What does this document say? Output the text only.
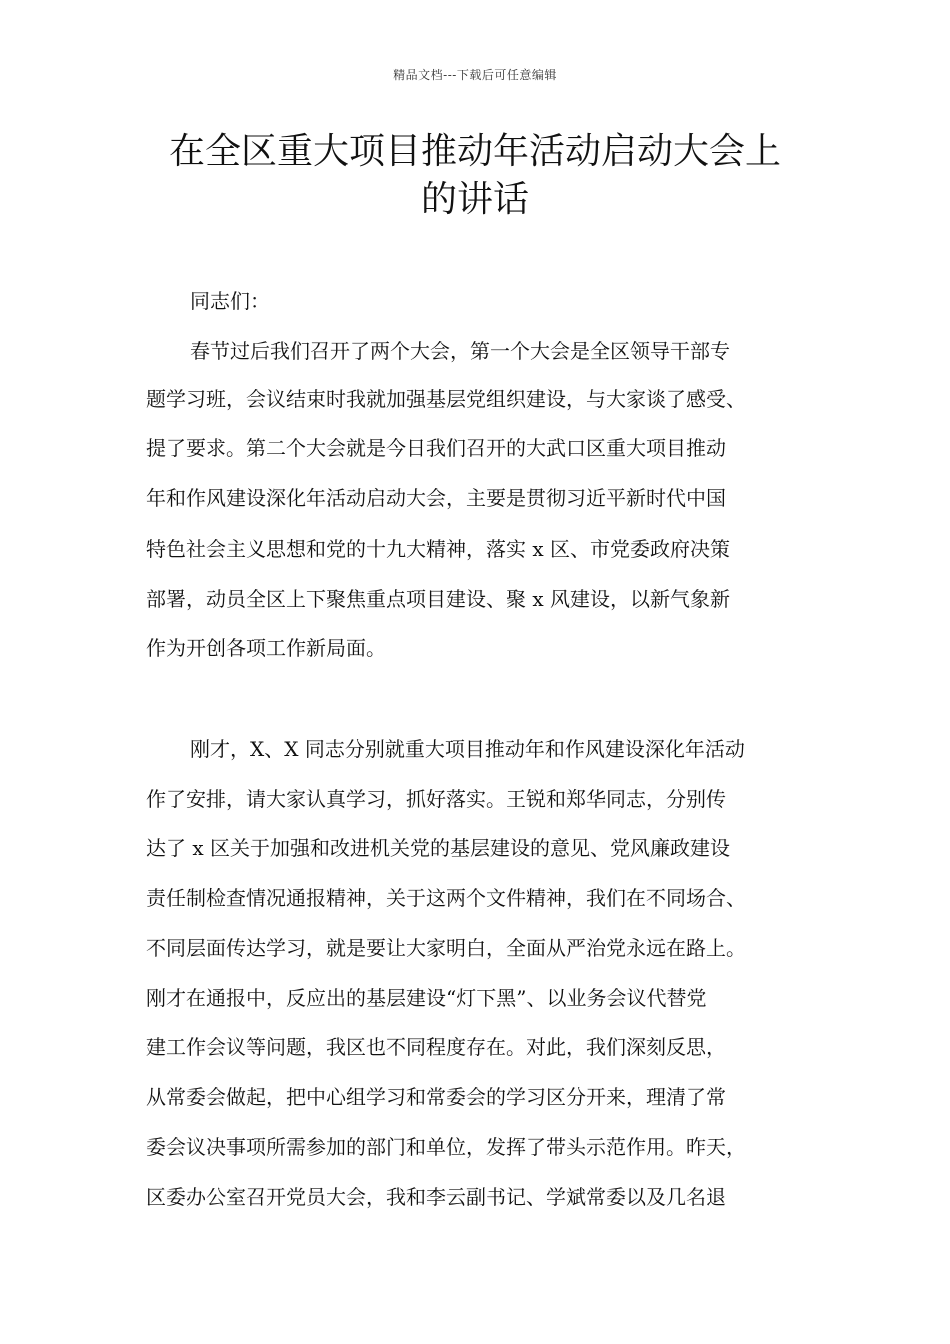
精品文档---下载后可任意编辑
在全区重大项目推动年活动启动大会上
的讲话
同志们：
春节过后我们召开了两个大会，第一个大会是全区领导干部专
题学习班，会议结束时我就加强基层党组织建设，与大家谈了感受、
提了要求。第二个大会就是今日我们召开的大武口区重大项目推动
年和作风建设深化年活动启动大会，主要是贯彻习近平新时代中国
特色社会主义思想和党的十九大精神，落实 x 区、市党委政府决策
部署，动员全区上下聚焦重点项目建设、聚 x 风建设，以新气象新
作为开创各项工作新局面。
刚才，X、X 同志分别就重大项目推动年和作风建设深化年活动
作了安排，请大家认真学习，抓好落实。王锐和郑华同志，分别传
达了 x 区关于加强和改进机关党的基层建设的意见、党风廉政建设
责任制检查情况通报精神，关于这两个文件精神，我们在不同场合、
不同层面传达学习，就是要让大家明白，全面从严治党永远在路上。
刚才在通报中，反应出的基层建设“灯下黑”、以业务会议代替党
建工作会议等问题，我区也不同程度存在。对此，我们深刻反思，
从常委会做起，把中心组学习和常委会的学习区分开来，理清了常
委会议决事项所需参加的部门和单位，发挥了带头示范作用。昨天，
区委办公室召开党员大会，我和李云副书记、学斌常委以及几名退
